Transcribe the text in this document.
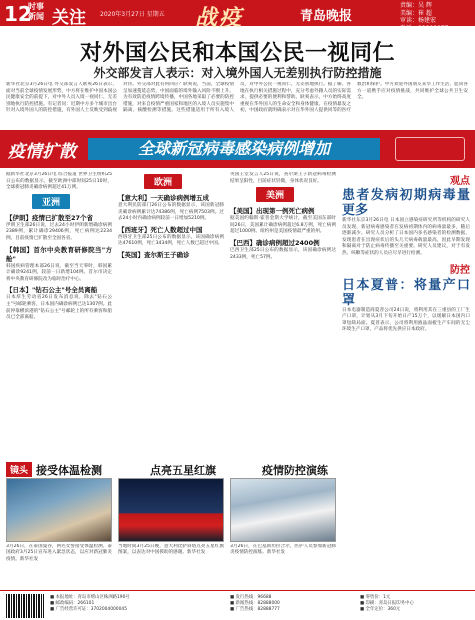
12
时事
新闻 关注 2020年3月27日 星期五 战疫	青岛晚报
责编：吴 辉
美编：崔 超
审读：杨建宏
电话：82888877
对外国公民和本国公民一视同仁
外交部发言人表示：对入境外国人无差别执行防控措施
新华社北京3月26日电 外交部发言人耿爽26日表示，面对当前全球疫情发展形势，中方将在维护中国本国公民健康安全的前提下，对中外人员入境一视同仁，无差别地执行防控措施。有记者问：近期中方多个城市出台针对入境外国人的防控措施，有外国人士反映受到歧视对待。外交部对此有何回应？耿爽说，当前，全球疫情呈加速蔓延态势，中国面临的境外输入风险不断上升。为有效防范疫情跨境传播，中国各地采取了必要的防控措施，对来自疫情严重国家和地区的入境人员实施集中隔离、核酸检测等措施。这些措施适用于所有入境人员，对中外公民一视同仁，无差别地执行。据了解，各地在执行相关措施过程中，充分考虑外籍人员的实际需求，提供必要的便利和帮助。耿爽表示，中方始终高度重视在华外国人的生命安全和身体健康。在疫情暴发之初，中国政府就明确表示对在华外国人提供同等的医疗救治和保护。中方欢迎外国朋友来华工作生活，愿同各方一道携手应对疫情挑战，共同维护全球公共卫生安全。
疫情扩散	全球新冠病毒感染病例增加
据新华社北京3月26日电 综合报道 世界卫生组织25日公布的数据显示，截至欧洲中部时间25日10时，全球新冠肺炎确诊病例超过41万例。
亚洲
【伊朗】疫情已扩散至27个省
伊朗卫生部26日说，过去24小时伊朗新增确诊病例2389例，累计确诊29406例，死亡病例达2234例。目前疫情已扩散至全国各省。
【韩国】首尔中央教育研修院当"方舱"
韩国疾病管理本部26日说，截至当天零时，韩国累计确诊9241例，较前一日新增104例。首尔市决定将中央教育研修院改为临时治疗中心。
【日本】"钻石公主"号全员离船
日本厚生劳动省26日发布消息说，除去"钻石公主"号邮轮乘客，日本国内确诊病例已达1307例。此前停靠横滨港的"钻石公主"号邮轮上的所有乘客和船员已全部离船。
欧洲
【意大利】一天确诊病例增五成
意大利民防部门26日公布的数据显示，该国新冠肺炎确诊病例累计达74386例，死亡病例7503例。过去24小时内确诊病例较前一日增加5210例。
【西班牙】死亡人数超过中国
西班牙卫生部25日公布的数据显示，该国确诊病例达47610例，死亡3434例，死亡人数已超过中国。
【英国】查尔斯王子确诊
英国王室发言人25日说，查尔斯王子新冠病毒检测结果呈阳性，目前症状轻微，身体状况良好。
美洲
【美国】出现第一例死亡病例
据美国约翰斯·霍普金斯大学统计，截至美国东部时间26日，美国累计确诊病例超过6.8万例，死亡病例超过1000例。纽约州是美国疫情最严重的州。
【巴西】确诊病例超过2400例
巴西卫生部25日公布的数据显示，该国确诊病例达2433例，死亡57例。
观点
患者发病初期病毒量更多
新华社东京3月26日电 日本国立感染症研究所等机构的研究人员发现，新冠病毒感染者在发病初期体内的病毒量最多，随后逐渐减少。研究人员分析了日本国内多名感染者的检测数据，发现患者在出现症状后的头几天病毒载量最高，因此早期发现和隔离对于防止病毒传播至关重要。研究人员建议，对于有发热、咳嗽等症状的人员应尽早进行检测。
防控
日本夏普：将量产口罩
日本电器制造商夏普公司24日说，将利用其在三重县的工厂生产口罩，计划从3月下旬开始日产15万个，以缓解日本国内口罩短缺局面。夏普表示，公司将利用液晶面板生产车间的无尘环境生产口罩，产品将优先供应日本政府。
镜头 接受体温检测	点亮五星红旗	疫情防控演练
3月26日，在泰国曼谷，两名女警接受体温检测。泰国政府3月25日宣布进入紧急状态，以应对新冠肺炎疫情。新华社发
当地时间3月25日晚，意大利比萨斜塔点亮五星红旗图案，以表达对中国援助的感谢。新华社发
3月26日，在巴基斯坦拉合尔，医护人员参加新冠肺炎疫情防控演练。新华社发
■ 本报地址：青岛市崂山区株洲路190号
■ 邮政编码：266101
■ 广告经营许可证：3702004000045
■ 发行热线：96688
■ 新闻热线：82888000
■ 广告热线：82888777
■ 零售价：1元
■ 印刷：青岛日报印务中心
■ 全年定价：360元
